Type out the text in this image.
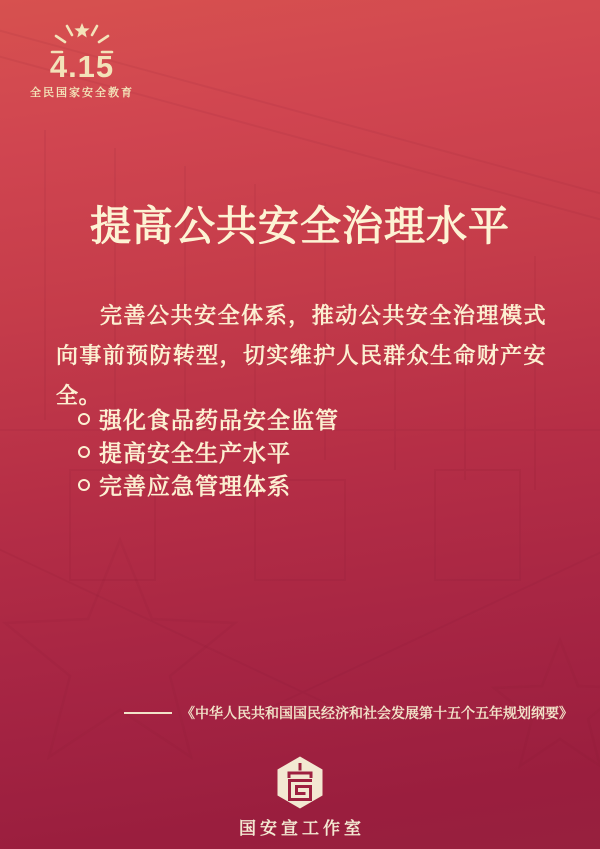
4.15
全民国家安全教育
提高公共安全治理水平

完善公共安全体系，推动公共安全治理模式向事前预防转型，切实维护人民群众生命财产安全。

强化食品药品安全监管
提高安全生产水平
完善应急管理体系
《中华人民共和国国民经济和社会发展第十五个五年规划纲要》
国安宣工作室
